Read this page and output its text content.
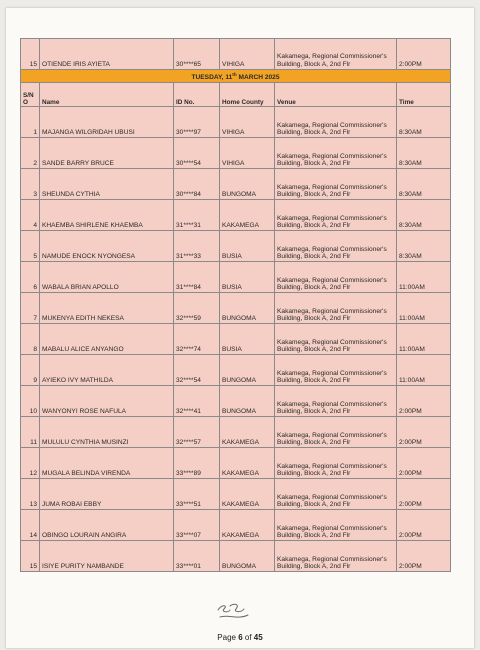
15	OTIENDE IRIS AYIETA	30****65	VIHIGA	Kakamega, Regional Commissioner's Building, Block A, 2nd Flr	2:00PM
TUESDAY, 11th MARCH 2025					
S/N O	Name	ID No.	Home County	Venue	Time
1	MAJANGA WILGRIDAH UBUSI	30****97	VIHIGA	Kakamega, Regional Commissioner's Building, Block A, 2nd Flr	8:30AM
2	SANDE BARRY BRUCE	30****54	VIHIGA	Kakamega, Regional Commissioner's Building, Block A, 2nd Flr	8:30AM
3	SHEUNDA CYTHIA	30****84	BUNGOMA	Kakamega, Regional Commissioner's Building, Block A, 2nd Flr	8:30AM
4	KHAEMBA SHIRLENE KHAEMBA	31****31	KAKAMEGA	Kakamega, Regional Commissioner's Building, Block A, 2nd Flr	8:30AM
5	NAMUDE ENOCK NYONGESA	31****33	BUSIA	Kakamega, Regional Commissioner's Building, Block A, 2nd Flr	8:30AM
6	WABALA BRIAN APOLLO	31****84	BUSIA	Kakamega, Regional Commissioner's Building, Block A, 2nd Flr	11:00AM
7	MUKENYA EDITH NEKESA	32****59	BUNGOMA	Kakamega, Regional Commissioner's Building, Block A, 2nd Flr	11:00AM
8	MABALU ALICE ANYANGO	32****74	BUSIA	Kakamega, Regional Commissioner's Building, Block A, 2nd Flr	11:00AM
9	AYIEKO IVY MATHILDA	32****54	BUNGOMA	Kakamega, Regional Commissioner's Building, Block A, 2nd Flr	11:00AM
10	WANYONYI ROSE NAFULA	32****41	BUNGOMA	Kakamega, Regional Commissioner's Building, Block A, 2nd Flr	2:00PM
11	MULULU CYNTHIA MUSINZI	32****57	KAKAMEGA	Kakamega, Regional Commissioner's Building, Block A, 2nd Flr	2:00PM
12	MUGALA BELINDA VIRENDA	33****89	KAKAMEGA	Kakamega, Regional Commissioner's Building, Block A, 2nd Flr	2:00PM
13	JUMA ROBAI EBBY	33****51	KAKAMEGA	Kakamega, Regional Commissioner's Building, Block A, 2nd Flr	2:00PM
14	OBINGO LOURAIN ANGIRA	33****07	KAKAMEGA	Kakamega, Regional Commissioner's Building, Block A, 2nd Flr	2:00PM
15	ISIYE PURITY NAMBANDE	33****01	BUNGOMA	Kakamega, Regional Commissioner's Building, Block A, 2nd Flr	2:00PM
Page 6 of 45
